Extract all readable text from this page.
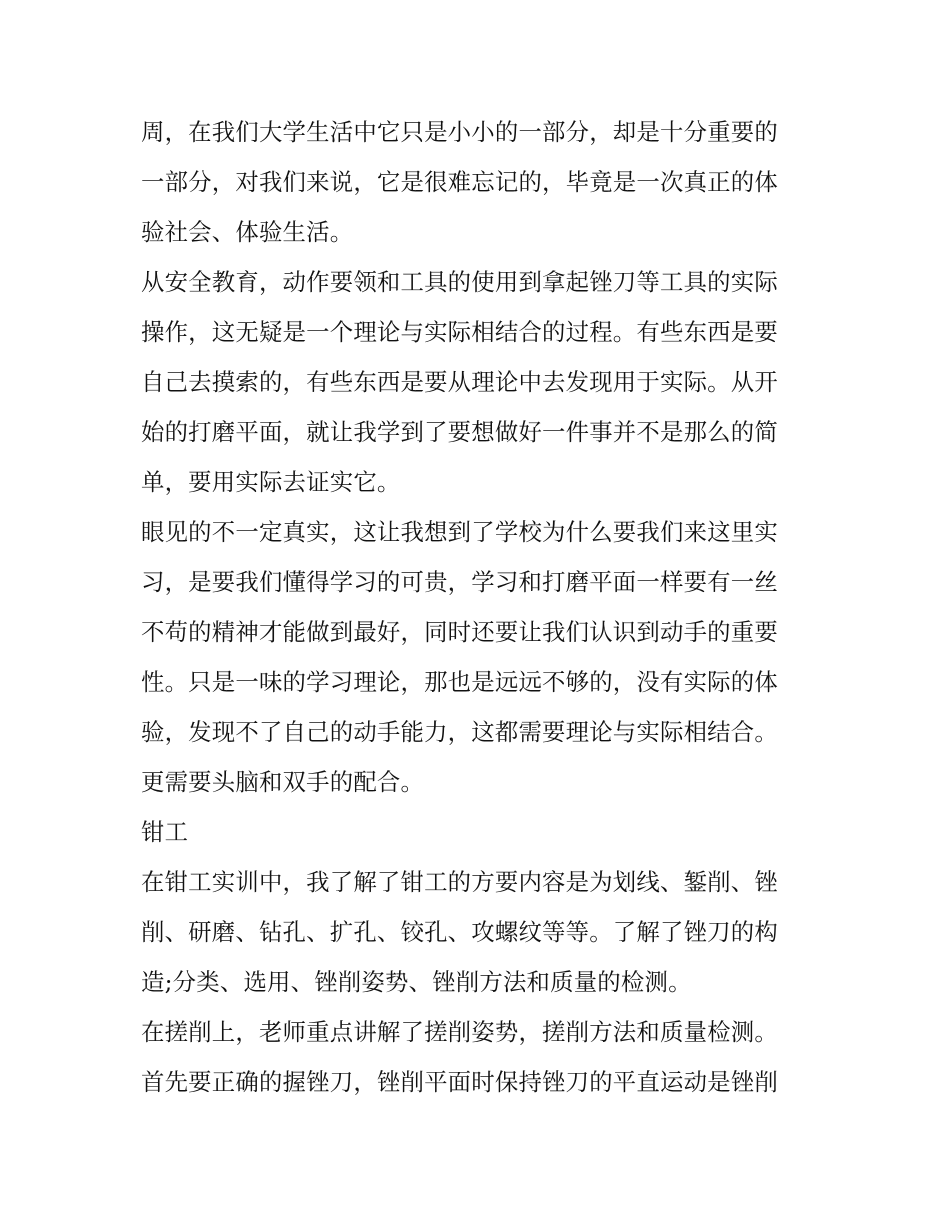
周，在我们大学生活中它只是小小的一部分，却是十分重要的
一部分，对我们来说，它是很难忘记的，毕竟是一次真正的体
验社会、体验生活。
从安全教育，动作要领和工具的使用到拿起锉刀等工具的实际
操作，这无疑是一个理论与实际相结合的过程。有些东西是要
自己去摸索的，有些东西是要从理论中去发现用于实际。从开
始的打磨平面，就让我学到了要想做好一件事并不是那么的简
单，要用实际去证实它。
眼见的不一定真实，这让我想到了学校为什么要我们来这里实
习，是要我们懂得学习的可贵，学习和打磨平面一样要有一丝
不苟的精神才能做到最好，同时还要让我们认识到动手的重要
性。只是一味的学习理论，那也是远远不够的，没有实际的体
验，发现不了自己的动手能力，这都需要理论与实际相结合。
更需要头脑和双手的配合。
钳工
在钳工实训中，我了解了钳工的方要内容是为划线、錾削、锉
削、研磨、钻孔、扩孔、铰孔、攻螺纹等等。了解了锉刀的构
造;分类、选用、锉削姿势、锉削方法和质量的检测。
在搓削上，老师重点讲解了搓削姿势，搓削方法和质量检测。
首先要正确的握锉刀，锉削平面时保持锉刀的平直运动是锉削
